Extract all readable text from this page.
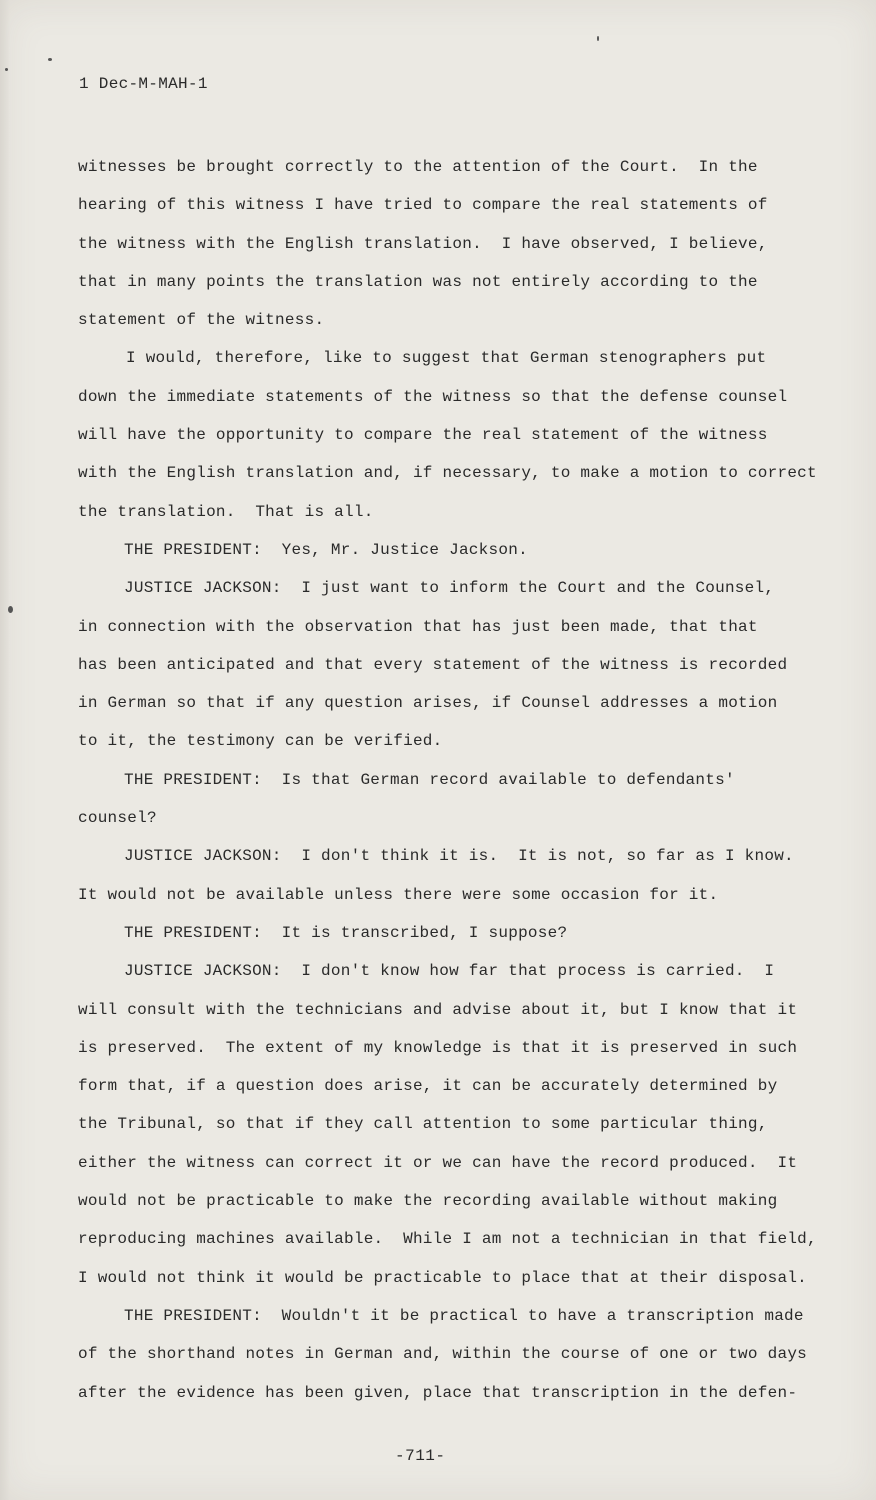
1 Dec-M-MAH-1
witnesses be brought correctly to the attention of the Court.  In the
hearing of this witness I have tried to compare the real statements of
the witness with the English translation.  I have observed, I believe,
that in many points the translation was not entirely according to the
statement of the witness.
I would, therefore, like to suggest that German stenographers put
down the immediate statements of the witness so that the defense counsel
will have the opportunity to compare the real statement of the witness
with the English translation and, if necessary, to make a motion to correct
the translation.  That is all.
THE PRESIDENT:  Yes, Mr. Justice Jackson.
JUSTICE JACKSON:  I just want to inform the Court and the Counsel,
in connection with the observation that has just been made, that that
has been anticipated and that every statement of the witness is recorded
in German so that if any question arises, if Counsel addresses a motion
to it, the testimony can be verified.
THE PRESIDENT:  Is that German record available to defendants'
counsel?
JUSTICE JACKSON:  I don't think it is.  It is not, so far as I know.
It would not be available unless there were some occasion for it.
THE PRESIDENT:  It is transcribed, I suppose?
JUSTICE JACKSON:  I don't know how far that process is carried.  I
will consult with the technicians and advise about it, but I know that it
is preserved.  The extent of my knowledge is that it is preserved in such
form that, if a question does arise, it can be accurately determined by
the Tribunal, so that if they call attention to some particular thing,
either the witness can correct it or we can have the record produced.  It
would not be practicable to make the recording available without making
reproducing machines available.  While I am not a technician in that field,
I would not think it would be practicable to place that at their disposal.
THE PRESIDENT:  Wouldn't it be practical to have a transcription made
of the shorthand notes in German and, within the course of one or two days
after the evidence has been given, place that transcription in the defen-
-711-
